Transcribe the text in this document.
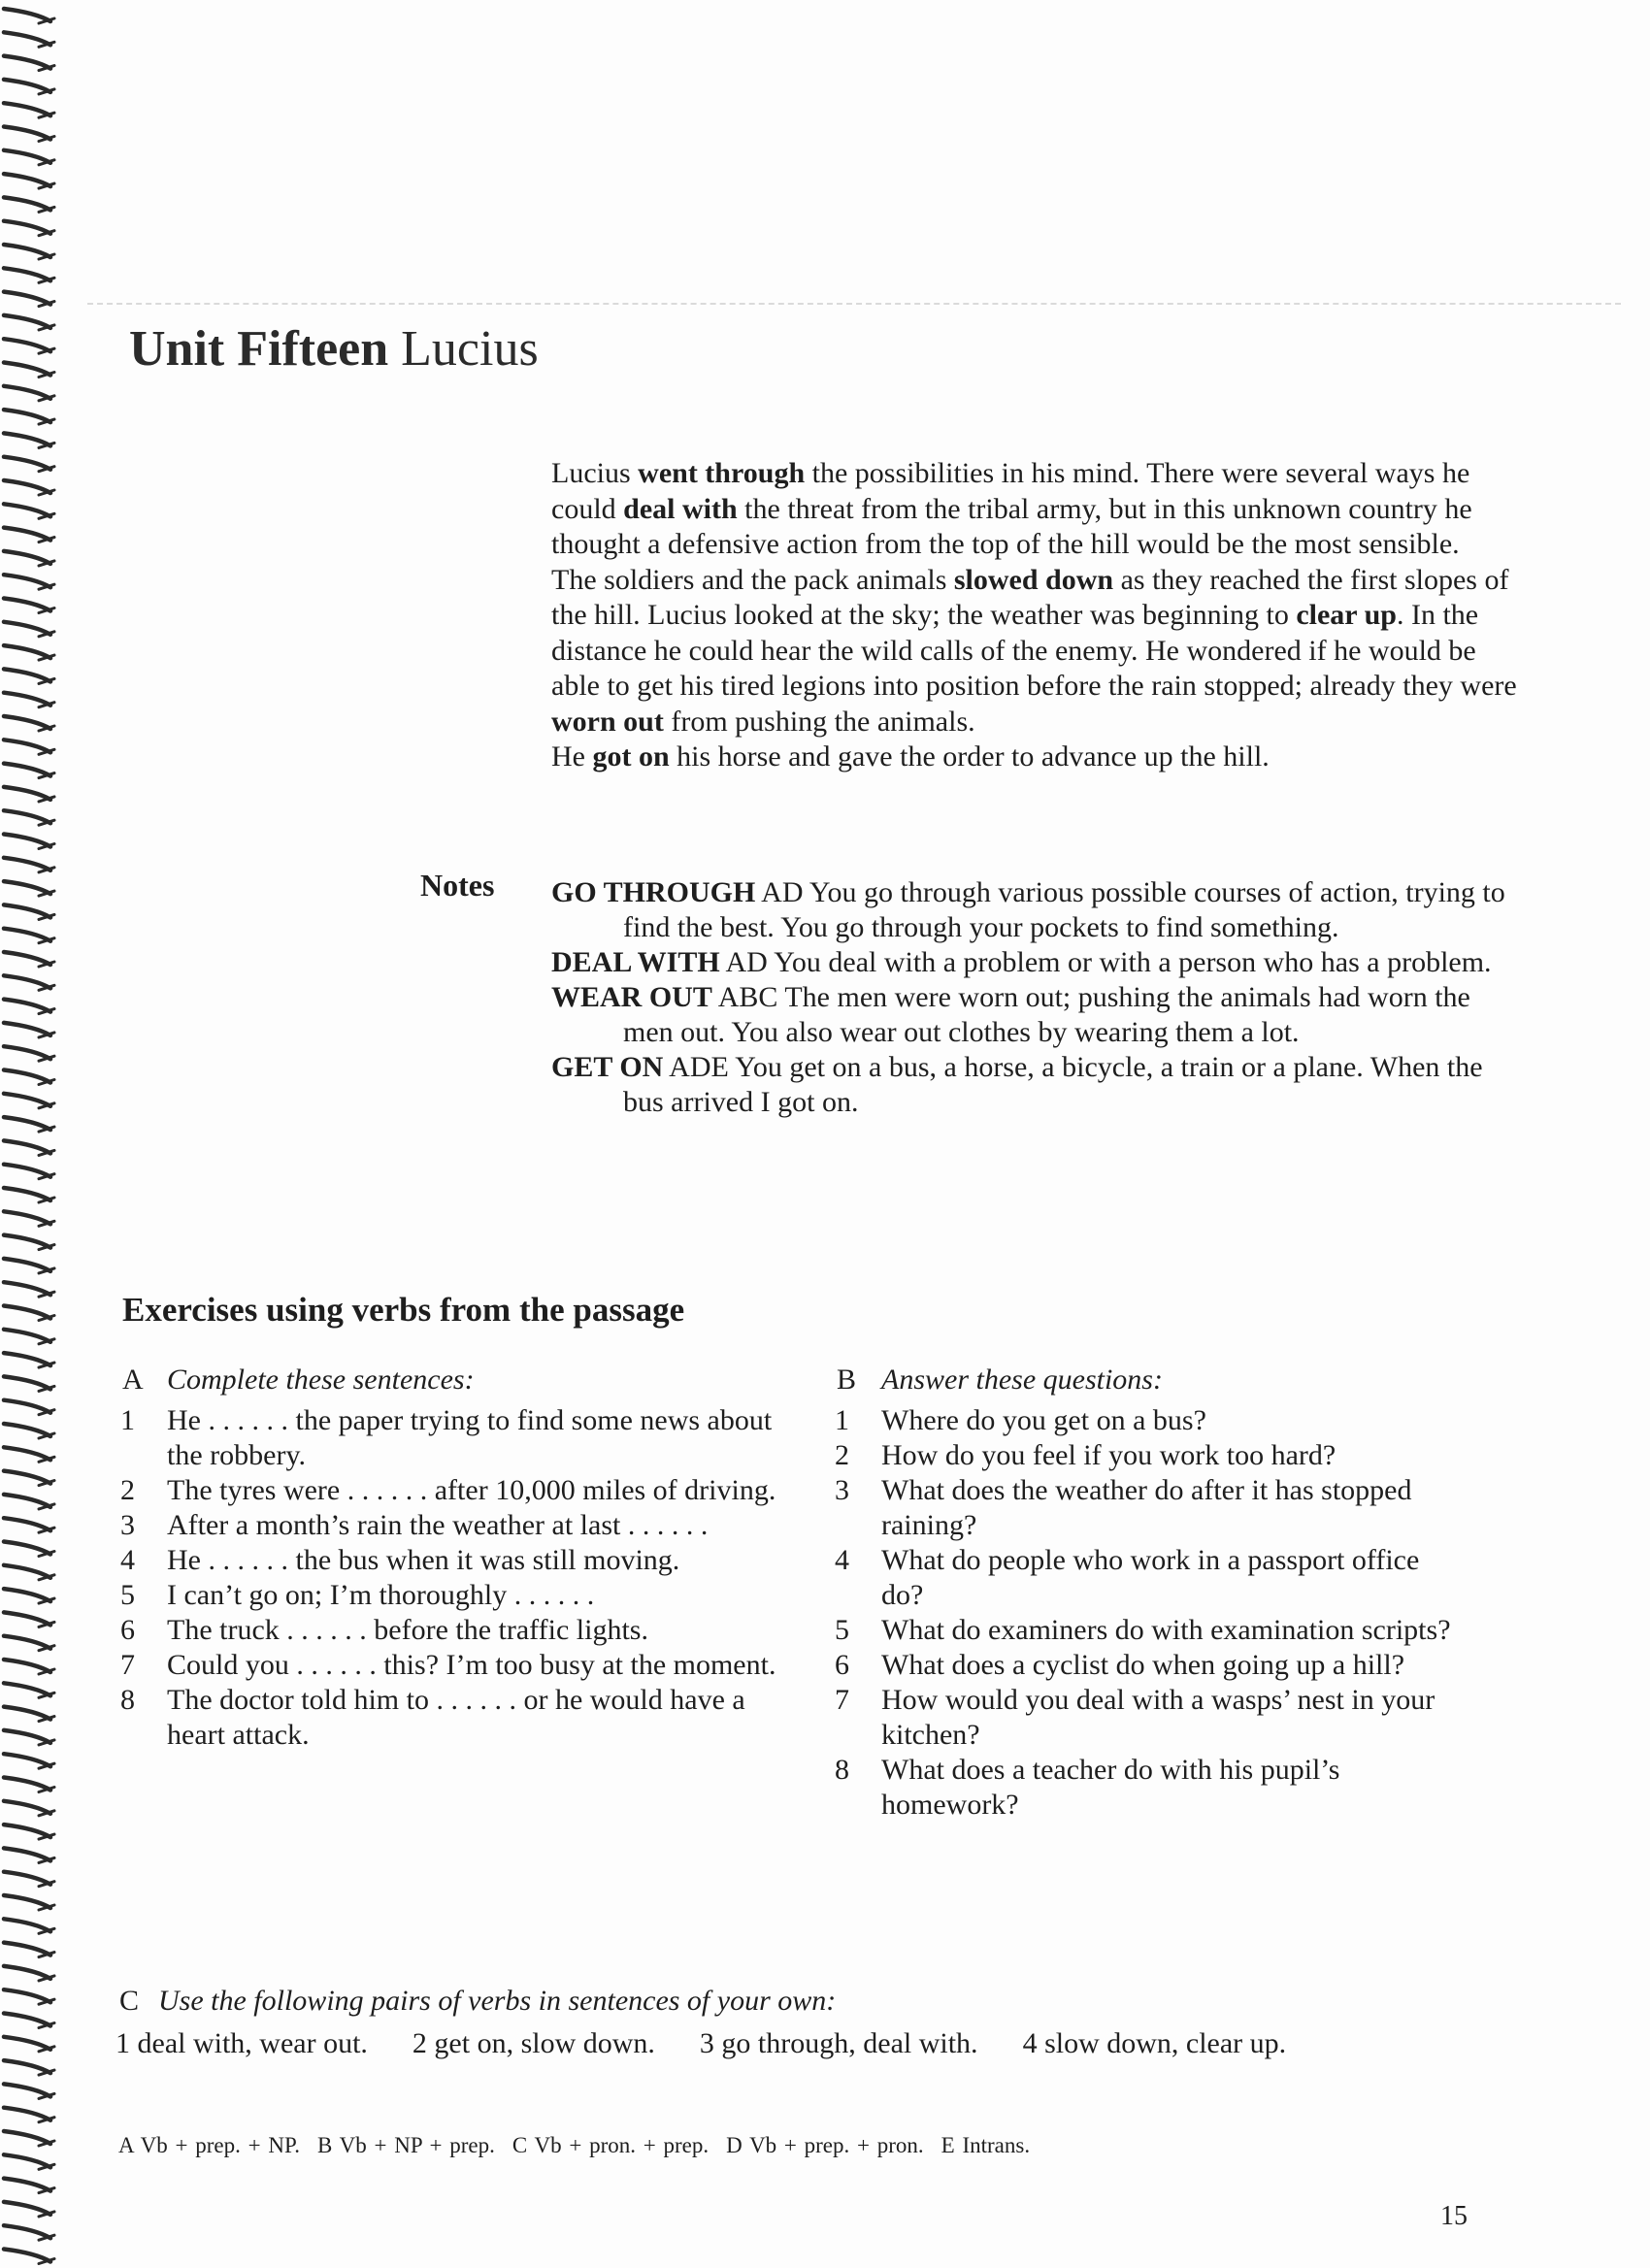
Unit Fifteen Lucius

Lucius went through the possibilities in his mind. There were several ways he could deal with the threat from the tribal army, but in this unknown country he thought a defensive action from the top of the hill would be the most sensible.

The soldiers and the pack animals slowed down as they reached the first slopes of the hill. Lucius looked at the sky; the weather was beginning to clear up. In the distance he could hear the wild calls of the enemy. He wondered if he would be able to get his tired legions into position before the rain stopped; already they were worn out from pushing the animals.

He got on his horse and gave the order to advance up the hill.

Notes GO THROUGH AD You go through various possible courses of action, trying to find the best. You go through your pockets to find something.
DEAL WITH AD You deal with a problem or with a person who has a problem.
WEAR OUT ABC The men were worn out; pushing the animals had worn the men out. You also wear out clothes by wearing them a lot.
GET ON ADE You get on a bus, a horse, a bicycle, a train or a plane. When the bus arrived I got on.
Exercises using verbs from the passage
A Complete these sentences:
1 He . . . . . . the paper trying to find some news about the robbery.
2 The tyres were . . . . . . after 10,000 miles of driving.
3 After a month’s rain the weather at last . . . . . .
4 He . . . . . . the bus when it was still moving.
5 I can’t go on; I’m thoroughly . . . . . .
6 The truck . . . . . . before the traffic lights.
7 Could you . . . . . . this? I’m too busy at the moment.
8 The doctor told him to . . . . . . or he would have a heart attack.
B Answer these questions:
1 Where do you get on a bus?
2 How do you feel if you work too hard?
3 What does the weather do after it has stopped raining?
4 What do people who work in a passport office do?
5 What do examiners do with examination scripts?
6 What does a cyclist do when going up a hill?
7 How would you deal with a wasps’ nest in your kitchen?
8 What does a teacher do with his pupil’s homework?
C Use the following pairs of verbs in sentences of your own:
1 deal with, wear out. 2 get on, slow down. 3 go through, deal with. 4 slow down, clear up.
A Vb + prep. + NP. B Vb + NP + prep. C Vb + pron. + prep. D Vb + prep. + pron. E Intrans.
15
